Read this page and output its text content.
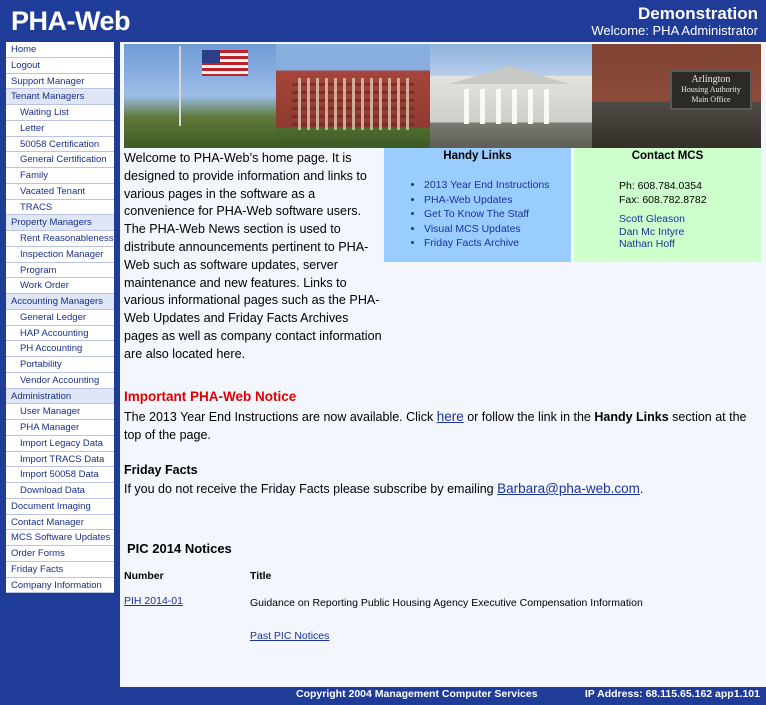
PHA-Web	Demonstration
Welcome: PHA Administrator
Home
Logout
Support Manager
Tenant Managers
Waiting List
Letter
50058 Certification
General Certification
Family
Vacated Tenant
TRACS
Property Managers
Rent Reasonableness
Inspection Manager
Program
Work Order
Accounting Managers
General Ledger
HAP Accounting
PH Accounting
Portability
Vendor Accounting
Administration
User Manager
PHA Manager
Import Legacy Data
Import TRACS Data
Import 50058 Data
Download Data
Document Imaging
Contact Manager
MCS Software Updates
Order Forms
Friday Facts
Company Information
Arlington
Housing Authority
Main Office
Welcome to PHA-Web’s home page. It is designed to provide information and links to various pages in the software as a convenience for PHA-Web software users. The PHA-Web News section is used to distribute announcements pertinent to PHA-Web such as software updates, server maintenance and new features. Links to various informational pages such as the PHA-Web Updates and Friday Facts Archives pages as well as company contact information are also located here.
Handy Links
• 2013 Year End Instructions
• PHA-Web Updates
• Get To Know The Staff
• Visual MCS Updates
• Friday Facts Archive
Contact MCS
Ph: 608.784.0354
Fax: 608.782.8782
Scott Gleason
Dan Mc Intyre
Nathan Hoff
Important PHA-Web Notice
The 2013 Year End Instructions are now available. Click here or follow the link in the Handy Links section at the top of the page.
Friday Facts
If you do not receive the Friday Facts please subscribe by emailing Barbara@pha-web.com.
PIC 2014 Notices
Number	Title
PIH 2014-01	Guidance on Reporting Public Housing Agency Executive Compensation Information
Past PIC Notices
Copyright 2004 Management Computer Services	IP Address: 68.115.65.162 app1.101
